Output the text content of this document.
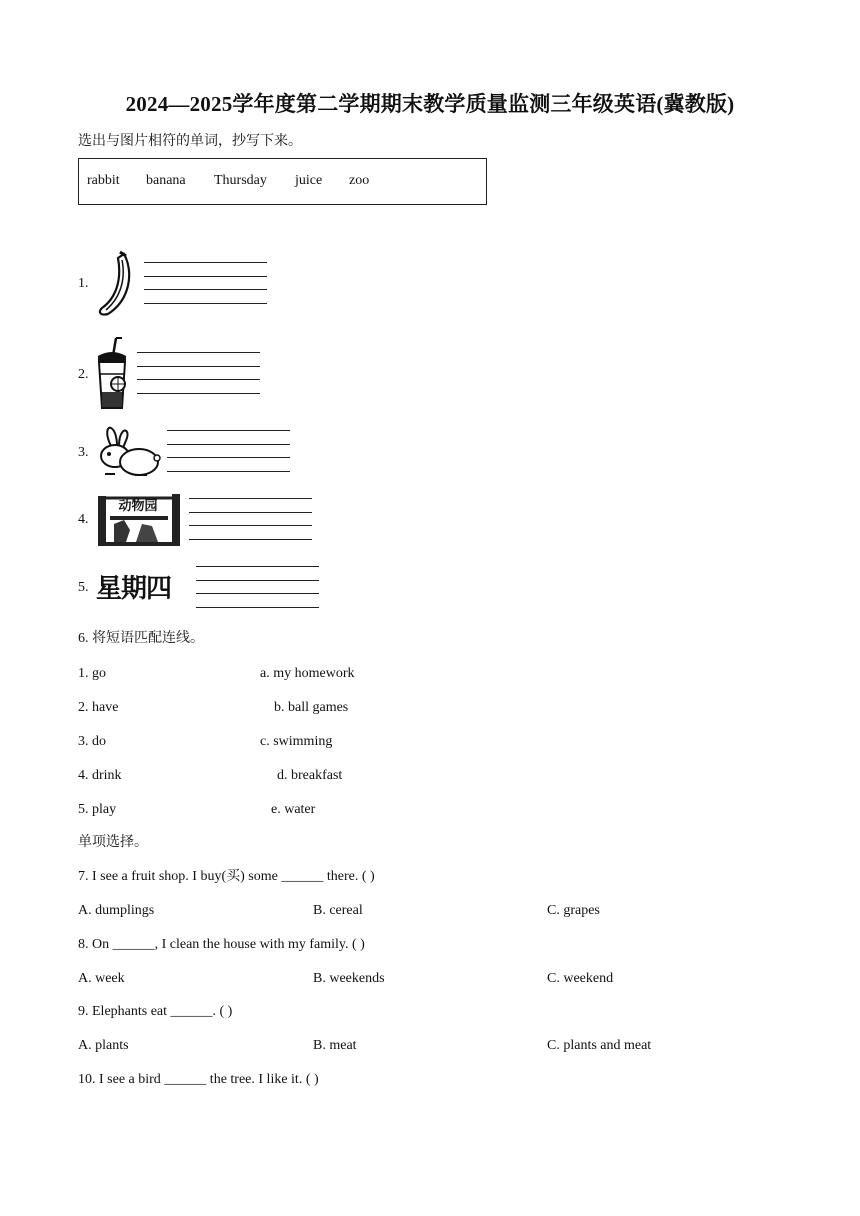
2024—2025学年度第二学期期末教学质量监测三年级英语(冀教版)
选出与图片相符的单词，抄写下来。
rabbit banana Thursday juice zoo
1.
2.
3.
4.
动物园
5. 星期四
6. 将短语匹配连线。
1. go	a. my homework
2. have	b. ball games
3. do	c. swimming
4. drink	d. breakfast
5. play	e. water
单项选择。
7. I see a fruit shop. I buy(买) some ______ there. ( )
A. dumplings	B. cereal	C. grapes
8. On ______, I clean the house with my family. ( )
A. week	B. weekends	C. weekend
9. Elephants eat ______. ( )
A. plants	B. meat	C. plants and meat
10. I see a bird ______ the tree. I like it. ( )
